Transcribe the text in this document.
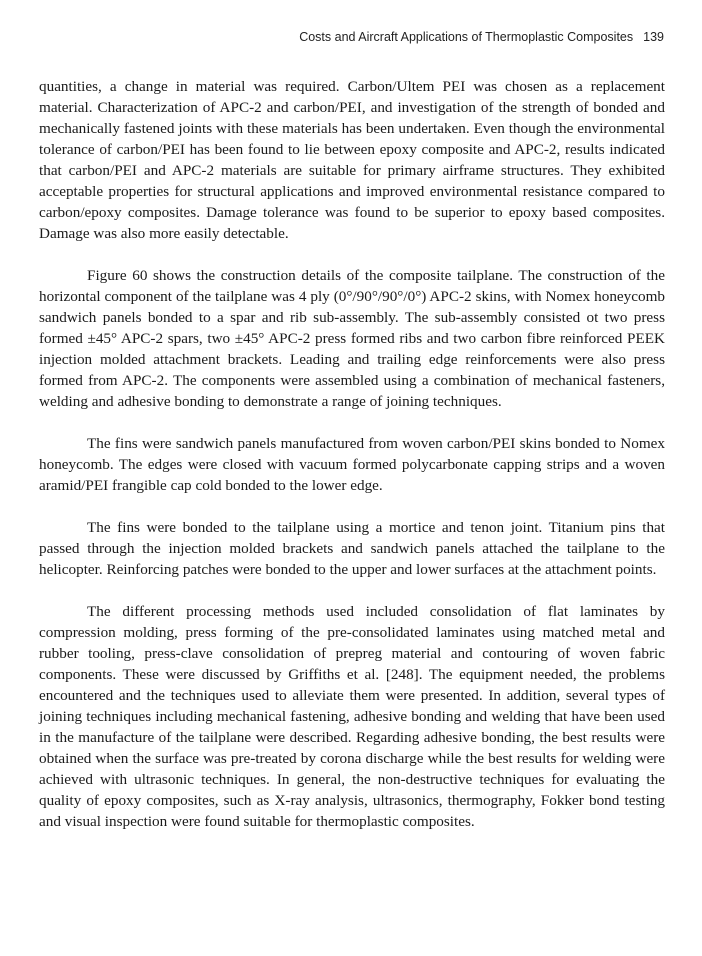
Costs and Aircraft Applications of Thermoplastic Composites 139

quantities, a change in material was required. Carbon/Ultem PEI was chosen as a replacement material. Characterization of APC-2 and carbon/PEI, and investigation of the strength of bonded and mechanically fastened joints with these materials has been undertaken. Even though the environmental tolerance of carbon/PEI has been found to lie between epoxy composite and APC-2, results indicated that carbon/PEI and APC-2 materials are suitable for primary airframe structures. They exhibited acceptable properties for structural applications and improved environmental resistance compared to carbon/epoxy composites. Damage tolerance was found to be superior to epoxy based composites. Damage was also more easily detectable.

Figure 60 shows the construction details of the composite tailplane. The construction of the horizontal component of the tailplane was 4 ply (0°/90°/90°/0°) APC-2 skins, with Nomex honeycomb sandwich panels bonded to a spar and rib sub-assembly. The sub-assembly consisted ot two press formed ±45° APC-2 spars, two ±45° APC-2 press formed ribs and two carbon fibre reinforced PEEK injection molded attachment brackets. Leading and trailing edge reinforcements were also press formed from APC-2. The components were assembled using a combination of mechanical fasteners, welding and adhesive bonding to demonstrate a range of joining techniques.

The fins were sandwich panels manufactured from woven carbon/PEI skins bonded to Nomex honeycomb. The edges were closed with vacuum formed polycarbonate capping strips and a woven aramid/PEI frangible cap cold bonded to the lower edge.

The fins were bonded to the tailplane using a mortice and tenon joint. Titanium pins that passed through the injection molded brackets and sandwich panels attached the tailplane to the helicopter. Reinforcing patches were bonded to the upper and lower surfaces at the attachment points.

The different processing methods used included consolidation of flat laminates by compression molding, press forming of the pre-consolidated laminates using matched metal and rubber tooling, press-clave consolidation of prepreg material and contouring of woven fabric components. These were discussed by Griffiths et al. [248]. The equipment needed, the problems encountered and the techniques used to alleviate them were presented. In addition, several types of joining techniques including mechanical fastening, adhesive bonding and welding that have been used in the manufacture of the tailplane were described. Regarding adhesive bonding, the best results were obtained when the surface was pre-treated by corona discharge while the best results for welding were achieved with ultrasonic techniques. In general, the non-destructive techniques for evaluating the quality of epoxy composites, such as X-ray analysis, ultrasonics, thermography, Fokker bond testing and visual inspection were found suitable for thermoplastic composites.
